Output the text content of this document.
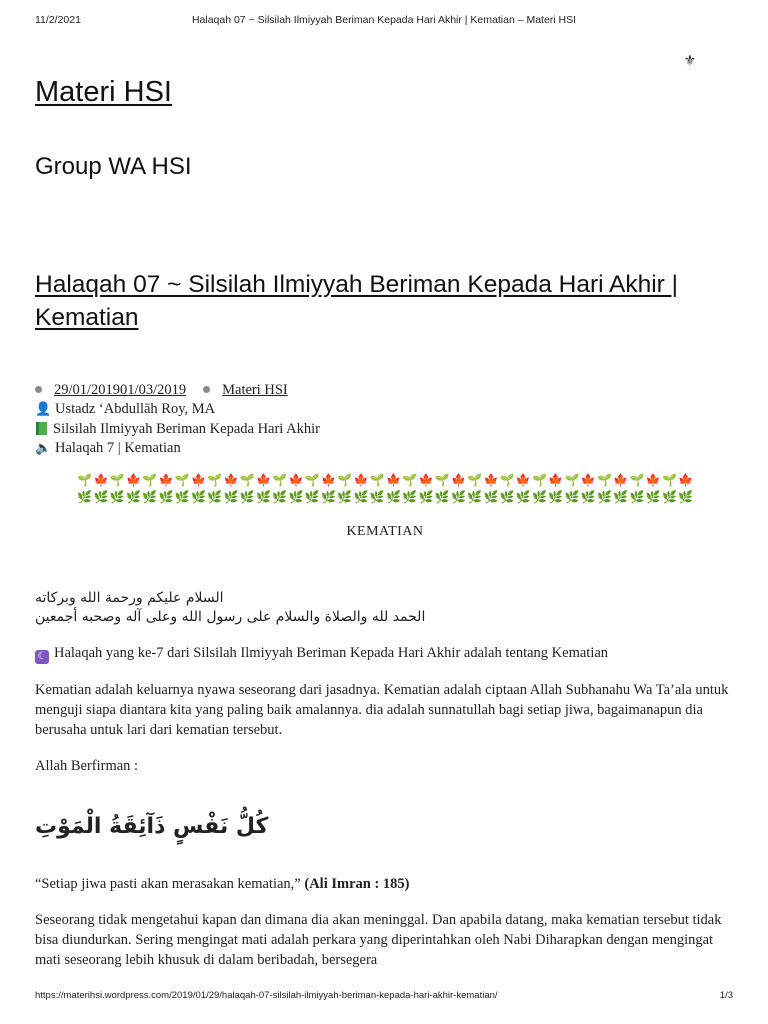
11/2/2021	Halaqah 07 ~ Silsilah Ilmiyyah Beriman Kepada Hari Akhir | Kematian – Materi HSI
⚜
Materi HSI
Group WA HSI
Halaqah 07 ~ Silsilah Ilmiyyah Beriman Kepada Hari Akhir | Kematian
29/01/201901/03/2019 Materi HSI
👤 Ustadz ‘Abdullāh Roy, MA
Silsilah Ilmiyyah Beriman Kepada Hari Akhir
🔈 Halaqah 7 | Kematian
🌱🍁🌱🍁🌱🍁🌱🍁🌱🍁🌱🍁🌱🍁🌱🍁🌱🍁🌱🍁🌱🍁🌱🍁🌱🍁🌱🍁🌱🍁🌱🍁🌱🍁🌱🍁🌱🍁
🌿🌿🌿🌿🌿🌿🌿🌿🌿🌿🌿🌿🌿🌿🌿🌿🌿🌿🌿🌿🌿🌿🌿🌿🌿🌿🌿🌿🌿🌿🌿🌿🌿🌿🌿🌿🌿🌿
KEMATIAN

السلام عليكم ورحمة الله وبركاته

الحمد لله والصلاة والسلام على رسول الله وعلى آله وصحبه أجمعين

☾ Halaqah yang ke-7 dari Silsilah Ilmiyyah Beriman Kepada Hari Akhir adalah tentang Kematian

Kematian adalah keluarnya nyawa seseorang dari jasadnya. Kematian adalah ciptaan Allah Subhanahu Wa Ta’ala untuk menguji siapa diantara kita yang paling baik amalannya. dia adalah sunnatullah bagi setiap jiwa, bagaimanapun dia berusaha untuk lari dari kematian tersebut.

Allah Berfirman :

كُلُّ نَفْسٍ ذَآئِقَةُ الْمَوْتِ

“Setiap jiwa pasti akan merasakan kematian,” (Ali Imran : 185)

Seseorang tidak mengetahui kapan dan dimana dia akan meninggal. Dan apabila datang, maka kematian tersebut tidak bisa diundurkan. Sering mengingat mati adalah perkara yang diperintahkan oleh Nabi Diharapkan dengan mengingat mati seseorang lebih khusuk di dalam beribadah, bersegera

https://materihsi.wordpress.com/2019/01/29/halaqah-07-silsilah-ilmiyyah-beriman-kepada-hari-akhir-kematian/	1/3
